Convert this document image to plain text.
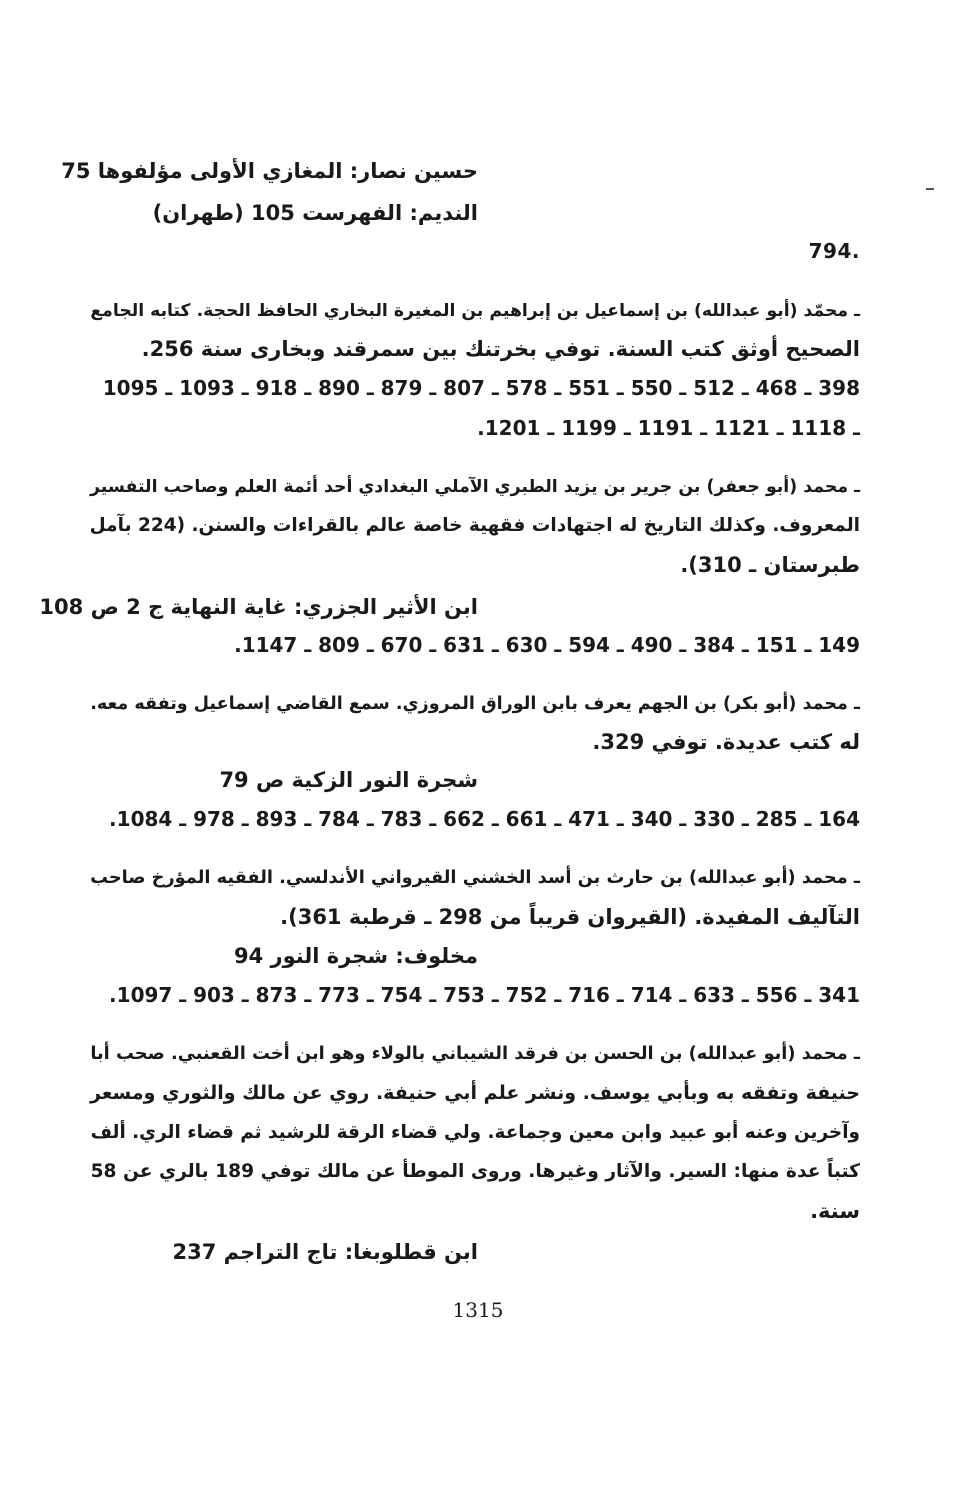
حسين نصار: المغازي الأولى مؤلفوها 75
النديم: الفهرست 105 (طهران)
.794
ـ محمّد (أبو عبدالله) بن إسماعيل بن إبراهيم بن المغيرة البخاري الحافظ الحجة. كتابه الجامع
الصحيح أوثق كتب السنة. توفي بخرتنك بين سمرقند وبخارى سنة 256.
398 ـ 468 ـ 512 ـ 550 ـ 551 ـ 578 ـ 807 ـ 879 ـ 890 ـ 918 ـ 1093 ـ 1095
ـ 1118 ـ 1121 ـ 1191 ـ 1199 ـ 1201.
ـ محمد (أبو جعفر) بن جرير بن يزيد الطبري الآملي البغدادي أحد أئمة العلم وصاحب التفسير
المعروف. وكذلك التاريخ له اجتهادات فقهية خاصة عالم بالقراءات والسنن. (224 بآمل
طبرستان ـ 310).
ابن الأثير الجزري: غاية النهاية ج 2 ص 108
149 ـ 151 ـ 384 ـ 490 ـ 594 ـ 630 ـ 631 ـ 670 ـ 809 ـ 1147.
ـ محمد (أبو بكر) بن الجهم يعرف بابن الوراق المروزي. سمع القاضي إسماعيل وتفقه معه.
له كتب عديدة. توفي 329.
شجرة النور الزكية ص 79
164 ـ 285 ـ 330 ـ 340 ـ 471 ـ 661 ـ 662 ـ 783 ـ 784 ـ 893 ـ 978 ـ 1084.
ـ محمد (أبو عبدالله) بن حارث بن أسد الخشني القيرواني الأندلسي. الفقيه المؤرخ صاحب
التآليف المفيدة. (القيروان قريباً من 298 ـ قرطبة 361).
مخلوف: شجرة النور 94
341 ـ 556 ـ 633 ـ 714 ـ 716 ـ 752 ـ 753 ـ 754 ـ 773 ـ 873 ـ 903 ـ 1097.
ـ محمد (أبو عبدالله) بن الحسن بن فرقد الشيباني بالولاء وهو ابن أخت القعنبي. صحب أبا
حنيفة وتفقه به وبأبي يوسف. ونشر علم أبي حنيفة. روي عن مالك والثوري ومسعر
وآخرين وعنه أبو عبيد وابن معين وجماعة. ولي قضاء الرقة للرشيد ثم قضاء الري. ألف
كتباً عدة منها: السير. والآثار وغيرها. وروى الموطأ عن مالك توفي 189 بالري عن 58
سنة.
ابن قطلوبغا: تاج التراجم 237
1315
